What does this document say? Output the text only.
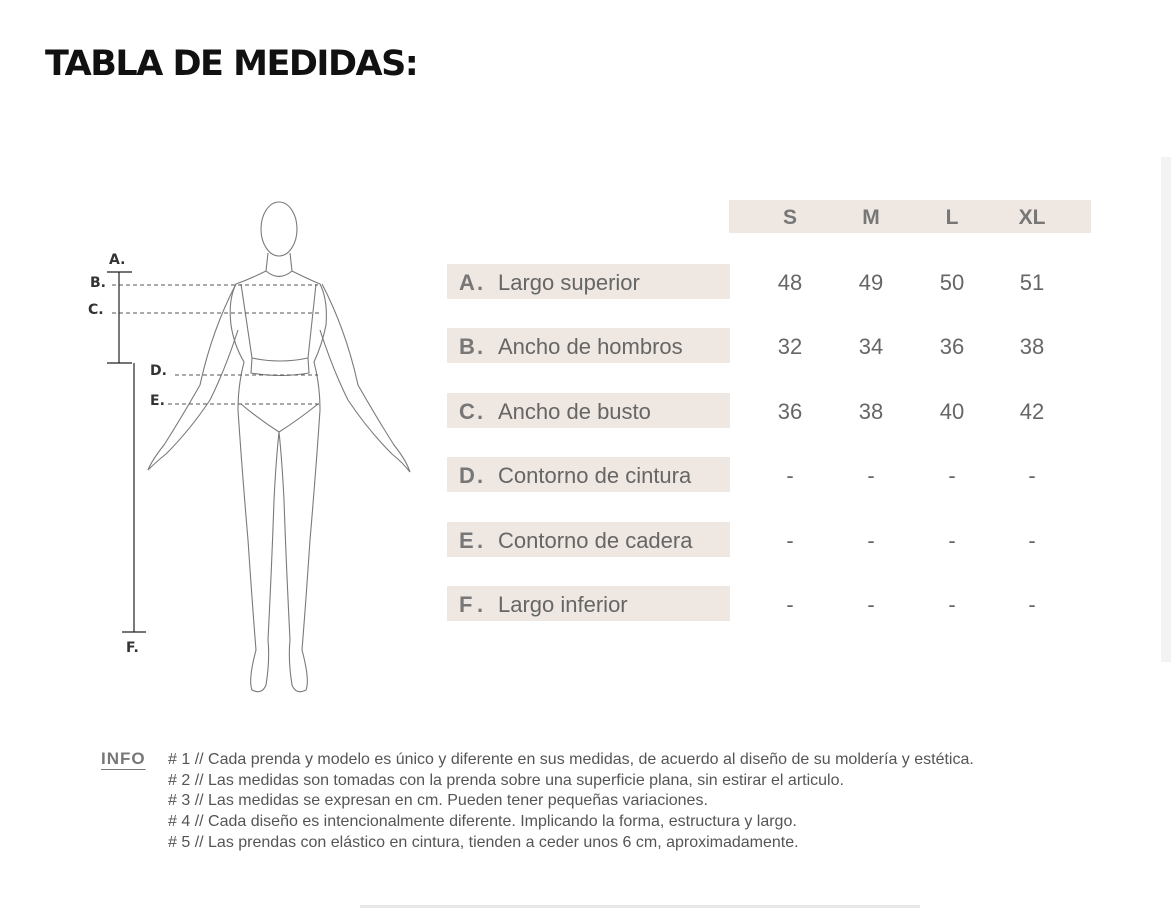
TABLA DE MEDIDAS:
A.
B.
C.
D.
E.
F.
S	M	L	XL
A . Largo superior	48	49	50	51
B . Ancho de hombros	32	34	36	38
C . Ancho de busto	36	38	40	42
D . Contorno de cintura	-	-	-	-
E . Contorno de cadera	-	-	-	-
F . Largo inferior	-	-	-	-
INFO # 1 // Cada prenda y modelo es único y diferente en sus medidas, de acuerdo al diseño de su moldería y estética.
# 2 // Las medidas son tomadas con la prenda sobre una superficie plana, sin estirar el articulo.
# 3 // Las medidas se expresan en cm. Pueden tener pequeñas variaciones.
# 4 // Cada diseño es intencionalmente diferente. Implicando la forma, estructura y largo.
# 5 // Las prendas con elástico en cintura, tienden a ceder unos 6 cm, aproximadamente.
